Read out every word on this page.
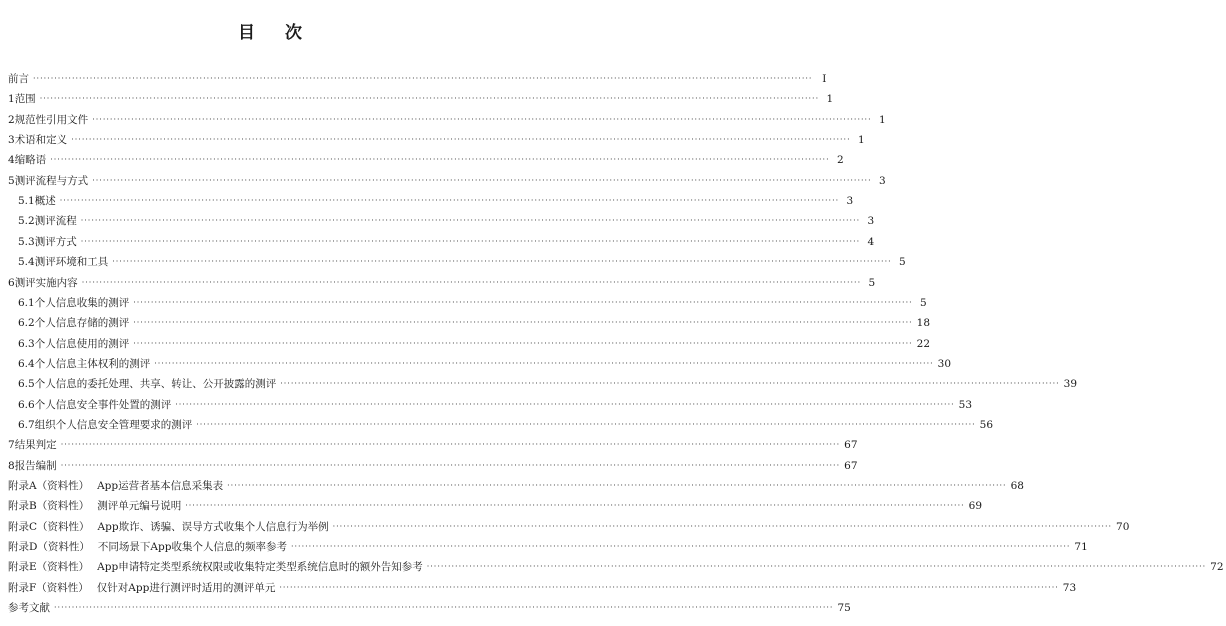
目 次
前言 ···························································································································································································································· Ⅰ
1 范围 ···························································································································································································································· 1
2 规范性引用文件 ···························································································································································································································· 1
3 术语和定义 ···························································································································································································································· 1
4 缩略语 ···························································································································································································································· 2
5 测评流程与方式 ···························································································································································································································· 3
5.1 概述 ···························································································································································································································· 3
5.2 测评流程 ···························································································································································································································· 3
5.3 测评方式 ···························································································································································································································· 4
5.4 测评环境和工具 ···························································································································································································································· 5
6 测评实施内容 ···························································································································································································································· 5
6.1 个人信息收集的测评 ···························································································································································································································· 5
6.2 个人信息存储的测评 ···························································································································································································································· 18
6.3 个人信息使用的测评 ···························································································································································································································· 22
6.4 个人信息主体权利的测评 ···························································································································································································································· 30
6.5 个人信息的委托处理、共享、转让、公开披露的测评 ···························································································································································································································· 39
6.6 个人信息安全事件处置的测评 ···························································································································································································································· 53
6.7 组织个人信息安全管理要求的测评 ···························································································································································································································· 56
7 结果判定 ···························································································································································································································· 67
8 报告编制 ···························································································································································································································· 67
附录A（资料性） App运营者基本信息采集表 ···························································································································································································································· 68
附录B（资料性） 测评单元编号说明 ···························································································································································································································· 69
附录C（资料性） App欺诈、诱骗、误导方式收集个人信息行为举例 ···························································································································································································································· 70
附录D（资料性） 不同场景下App收集个人信息的频率参考 ···························································································································································································································· 71
附录E（资料性） App申请特定类型系统权限或收集特定类型系统信息时的额外告知参考 ···························································································································································································································· 72
附录F（资料性） 仅针对App进行测评时适用的测评单元 ···························································································································································································································· 73
参考文献 ···························································································································································································································· 75
